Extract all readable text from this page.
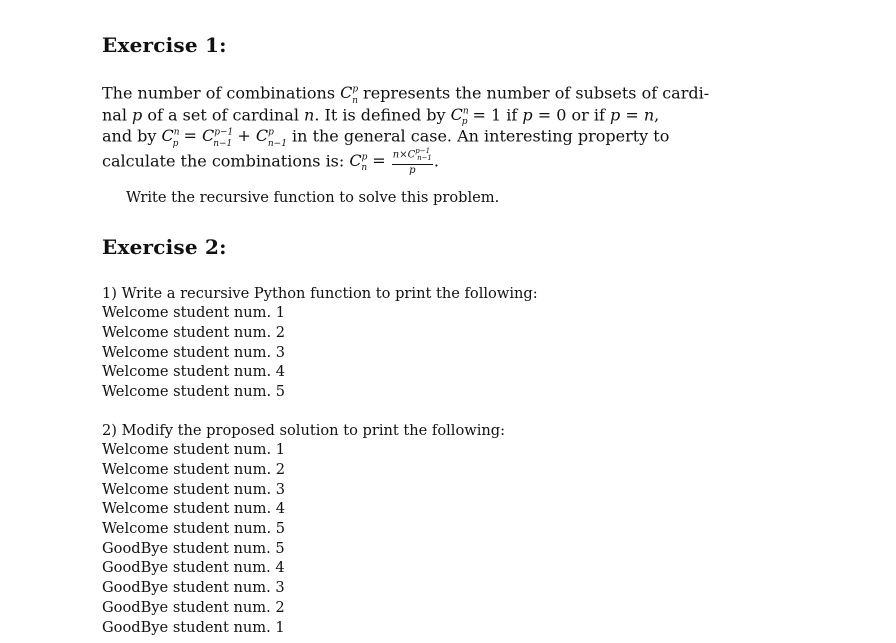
Exercise 1:
The number of combinations $C^p_n$ represents the number of subsets of cardi-
nal p of a set of cardinal n. It is defined by $C^n_p = 1$ if p = 0 or if p = n,
and by $C^n_p = C^{p-1}_{n-1} + C^p_{n-1}$ in the general case. An interesting property to
calculate the combinations is: $C^p_n = \frac{n\times C^{p-1}_{n-1}}{p}$ .

Write the recursive function to solve this problem.

Exercise 2:
1) Write a recursive Python function to print the following:
Welcome student num. 1
Welcome student num. 2
Welcome student num. 3
Welcome student num. 4
Welcome student num. 5
2) Modify the proposed solution to print the following:
Welcome student num. 1
Welcome student num. 2
Welcome student num. 3
Welcome student num. 4
Welcome student num. 5
GoodBye student num. 5
GoodBye student num. 4
GoodBye student num. 3
GoodBye student num. 2
GoodBye student num. 1
